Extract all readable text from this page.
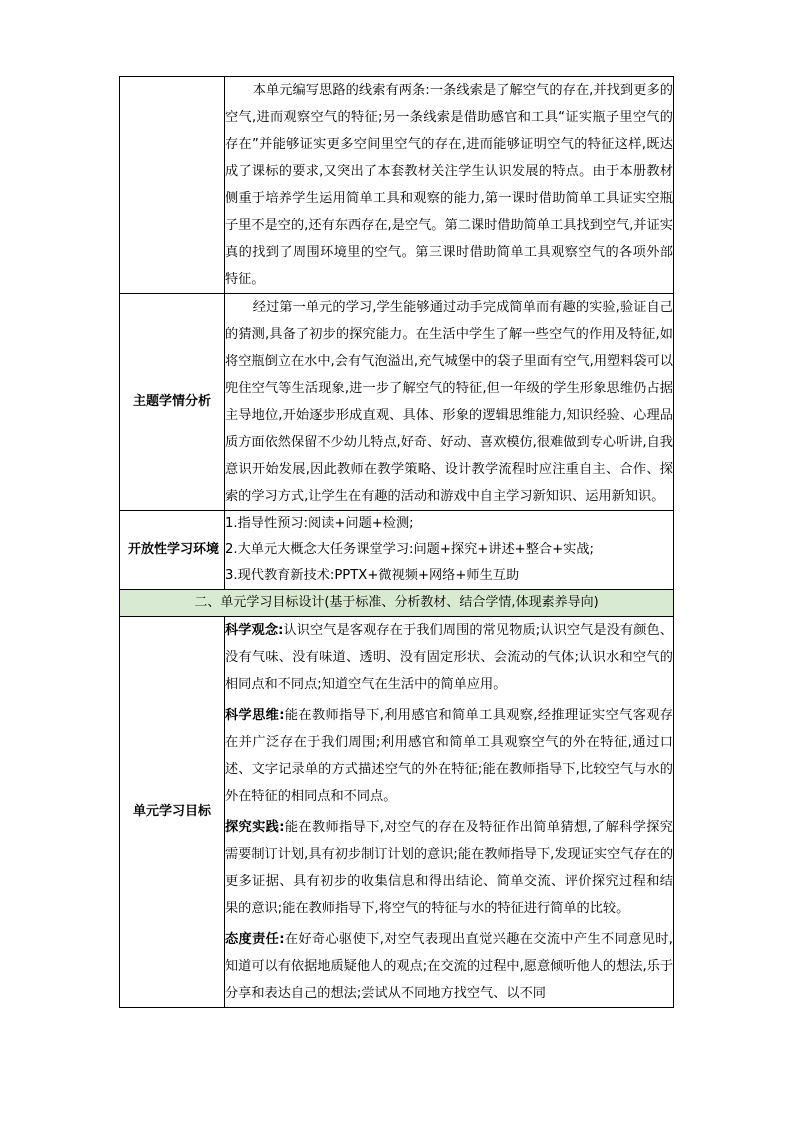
	本单元编写思路的线索有两条:一条线索是了解空气的存在,并找到更多的空气,进而观察空气的特征;另一条线索是借助感官和工具“证实瓶子里空气的存在”并能够证实更多空间里空气的存在,进而能够证明空气的特征这样,既达成了课标的要求,又突出了本套教材关注学生认识发展的特点。由于本册教材侧重于培养学生运用简单工具和观察的能力,第一课时借助简单工具证实空瓶子里不是空的,还有东西存在,是空气。第二课时借助简单工具找到空气,并证实真的找到了周围环境里的空气。第三课时借助简单工具观察空气的各项外部特征。

主题学情分析	经过第一单元的学习,学生能够通过动手完成简单而有趣的实验,验证自己的猜测,具备了初步的探究能力。在生活中学生了解一些空气的作用及特征,如将空瓶倒立在水中,会有气泡溢出,充气城堡中的袋子里面有空气,用塑料袋可以兜住空气等生活现象,进一步了解空气的特征,但一年级的学生形象思维仍占据主导地位,开始逐步形成直观、具体、形象的逻辑思维能力,知识经验、心理品质方面依然保留不少幼儿特点,好奇、好动、喜欢模仿,很难做到专心听讲,自我意识开始发展,因此教师在教学策略、设计教学流程时应注重自主、合作、探索的学习方式,让学生在有趣的活动和游戏中自主学习新知识、运用新知识。

开放性学习环境	1.指导性预习:阅读+问题+检测;
2.大单元大概念大任务课堂学习:问题+探究+讲述+整合+实战;
3.现代教育新技术:PPTX+微视频+网络+师生互助

二、单元学习目标设计(基于标准、分析教材、结合学情,体现素养导向)	
单元学习目标	科学观念:认识空气是客观存在于我们周围的常见物质;认识空气是没有颜色、没有气味、没有味道、透明、没有固定形状、会流动的气体;认识水和空气的相同点和不同点;知道空气在生活中的简单应用。

科学思维:能在教师指导下,利用感官和简单工具观察,经推理证实空气客观存在并广泛存在于我们周围;利用感官和简单工具观察空气的外在特征,通过口述、文字记录单的方式描述空气的外在特征;能在教师指导下,比较空气与水的外在特征的相同点和不同点。

探究实践:能在教师指导下,对空气的存在及特征作出简单猜想,了解科学探究需要制订计划,具有初步制订计划的意识;能在教师指导下,发现证实空气存在的更多证据、具有初步的收集信息和得出结论、简单交流、评价探究过程和结果的意识;能在教师指导下,将空气的特征与水的特征进行简单的比较。

态度责任:在好奇心驱使下,对空气表现出直觉兴趣在交流中产生不同意见时,知道可以有依据地质疑他人的观点;在交流的过程中,愿意倾听他人的想法,乐于分享和表达自己的想法;尝试从不同地方找空气、以不同
